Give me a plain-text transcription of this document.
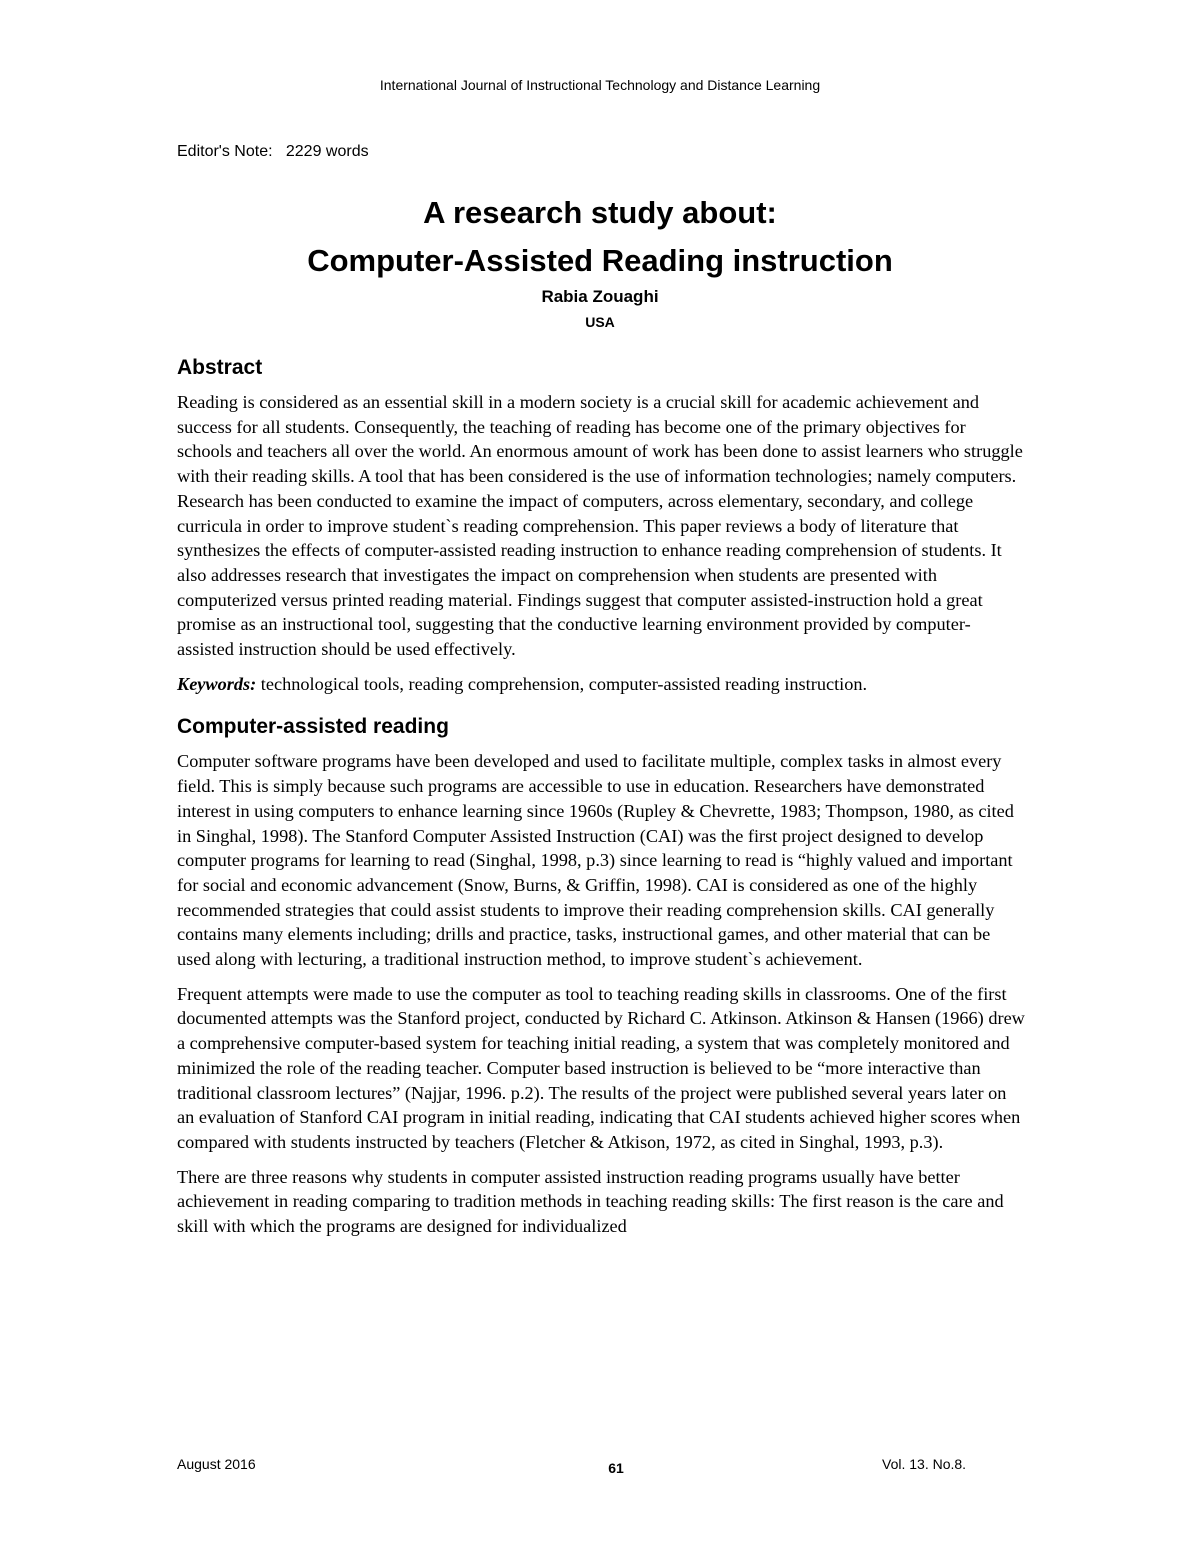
International Journal of Instructional Technology and Distance Learning
Editor's Note:   2229 words
A research study about:
Computer-Assisted Reading instruction
Rabia Zouaghi
USA
Abstract

Reading is considered as an essential skill in a modern society is a crucial skill for academic achievement and success for all students. Consequently, the teaching of reading has become one of the primary objectives for schools and teachers all over the world. An enormous amount of work has been done to assist learners who struggle with their reading skills. A tool that has been considered is the use of information technologies; namely computers. Research has been conducted to examine the impact of computers, across elementary, secondary, and college curricula in order to improve student`s reading comprehension. This paper reviews a body of literature that synthesizes the effects of computer-assisted reading instruction to enhance reading comprehension of students. It also addresses research that investigates the impact on comprehension when students are presented with computerized versus printed reading material. Findings suggest that computer assisted-instruction hold a great promise as an instructional tool, suggesting that the conductive learning environment provided by computer-assisted instruction should be used effectively.

Keywords: technological tools, reading comprehension, computer-assisted reading instruction.

Computer-assisted reading

Computer software programs have been developed and used to facilitate multiple, complex tasks in almost every field. This is simply because such programs are accessible to use in education. Researchers have demonstrated interest in using computers to enhance learning since 1960s (Rupley & Chevrette, 1983; Thompson, 1980, as cited in Singhal, 1998). The Stanford Computer Assisted Instruction (CAI) was the first project designed to develop computer programs for learning to read (Singhal, 1998, p.3) since learning to read is “highly valued and important for social and economic advancement (Snow, Burns, & Griffin, 1998). CAI is considered as one of the highly recommended strategies that could assist students to improve their reading comprehension skills. CAI generally contains many elements including; drills and practice, tasks, instructional games, and other material that can be used along with lecturing, a traditional instruction method, to improve student`s achievement.

Frequent attempts were made to use the computer as tool to teaching reading skills in classrooms. One of the first documented attempts was the Stanford project, conducted by Richard C. Atkinson. Atkinson & Hansen (1966) drew a comprehensive computer-based system for teaching initial reading, a system that was completely monitored and minimized the role of the reading teacher. Computer based instruction is believed to be “more interactive than traditional classroom lectures” (Najjar, 1996. p.2). The results of the project were published several years later on an evaluation of Stanford CAI program in initial reading, indicating that CAI students achieved higher scores when compared with students instructed by teachers (Fletcher & Atkison, 1972, as cited in Singhal, 1993, p.3).

There are three reasons why students in computer assisted instruction reading programs usually have better achievement in reading comparing to tradition methods in teaching reading skills: The first reason is the care and skill with which the programs are designed for individualized

August 2016	61	Vol. 13. No.8.
